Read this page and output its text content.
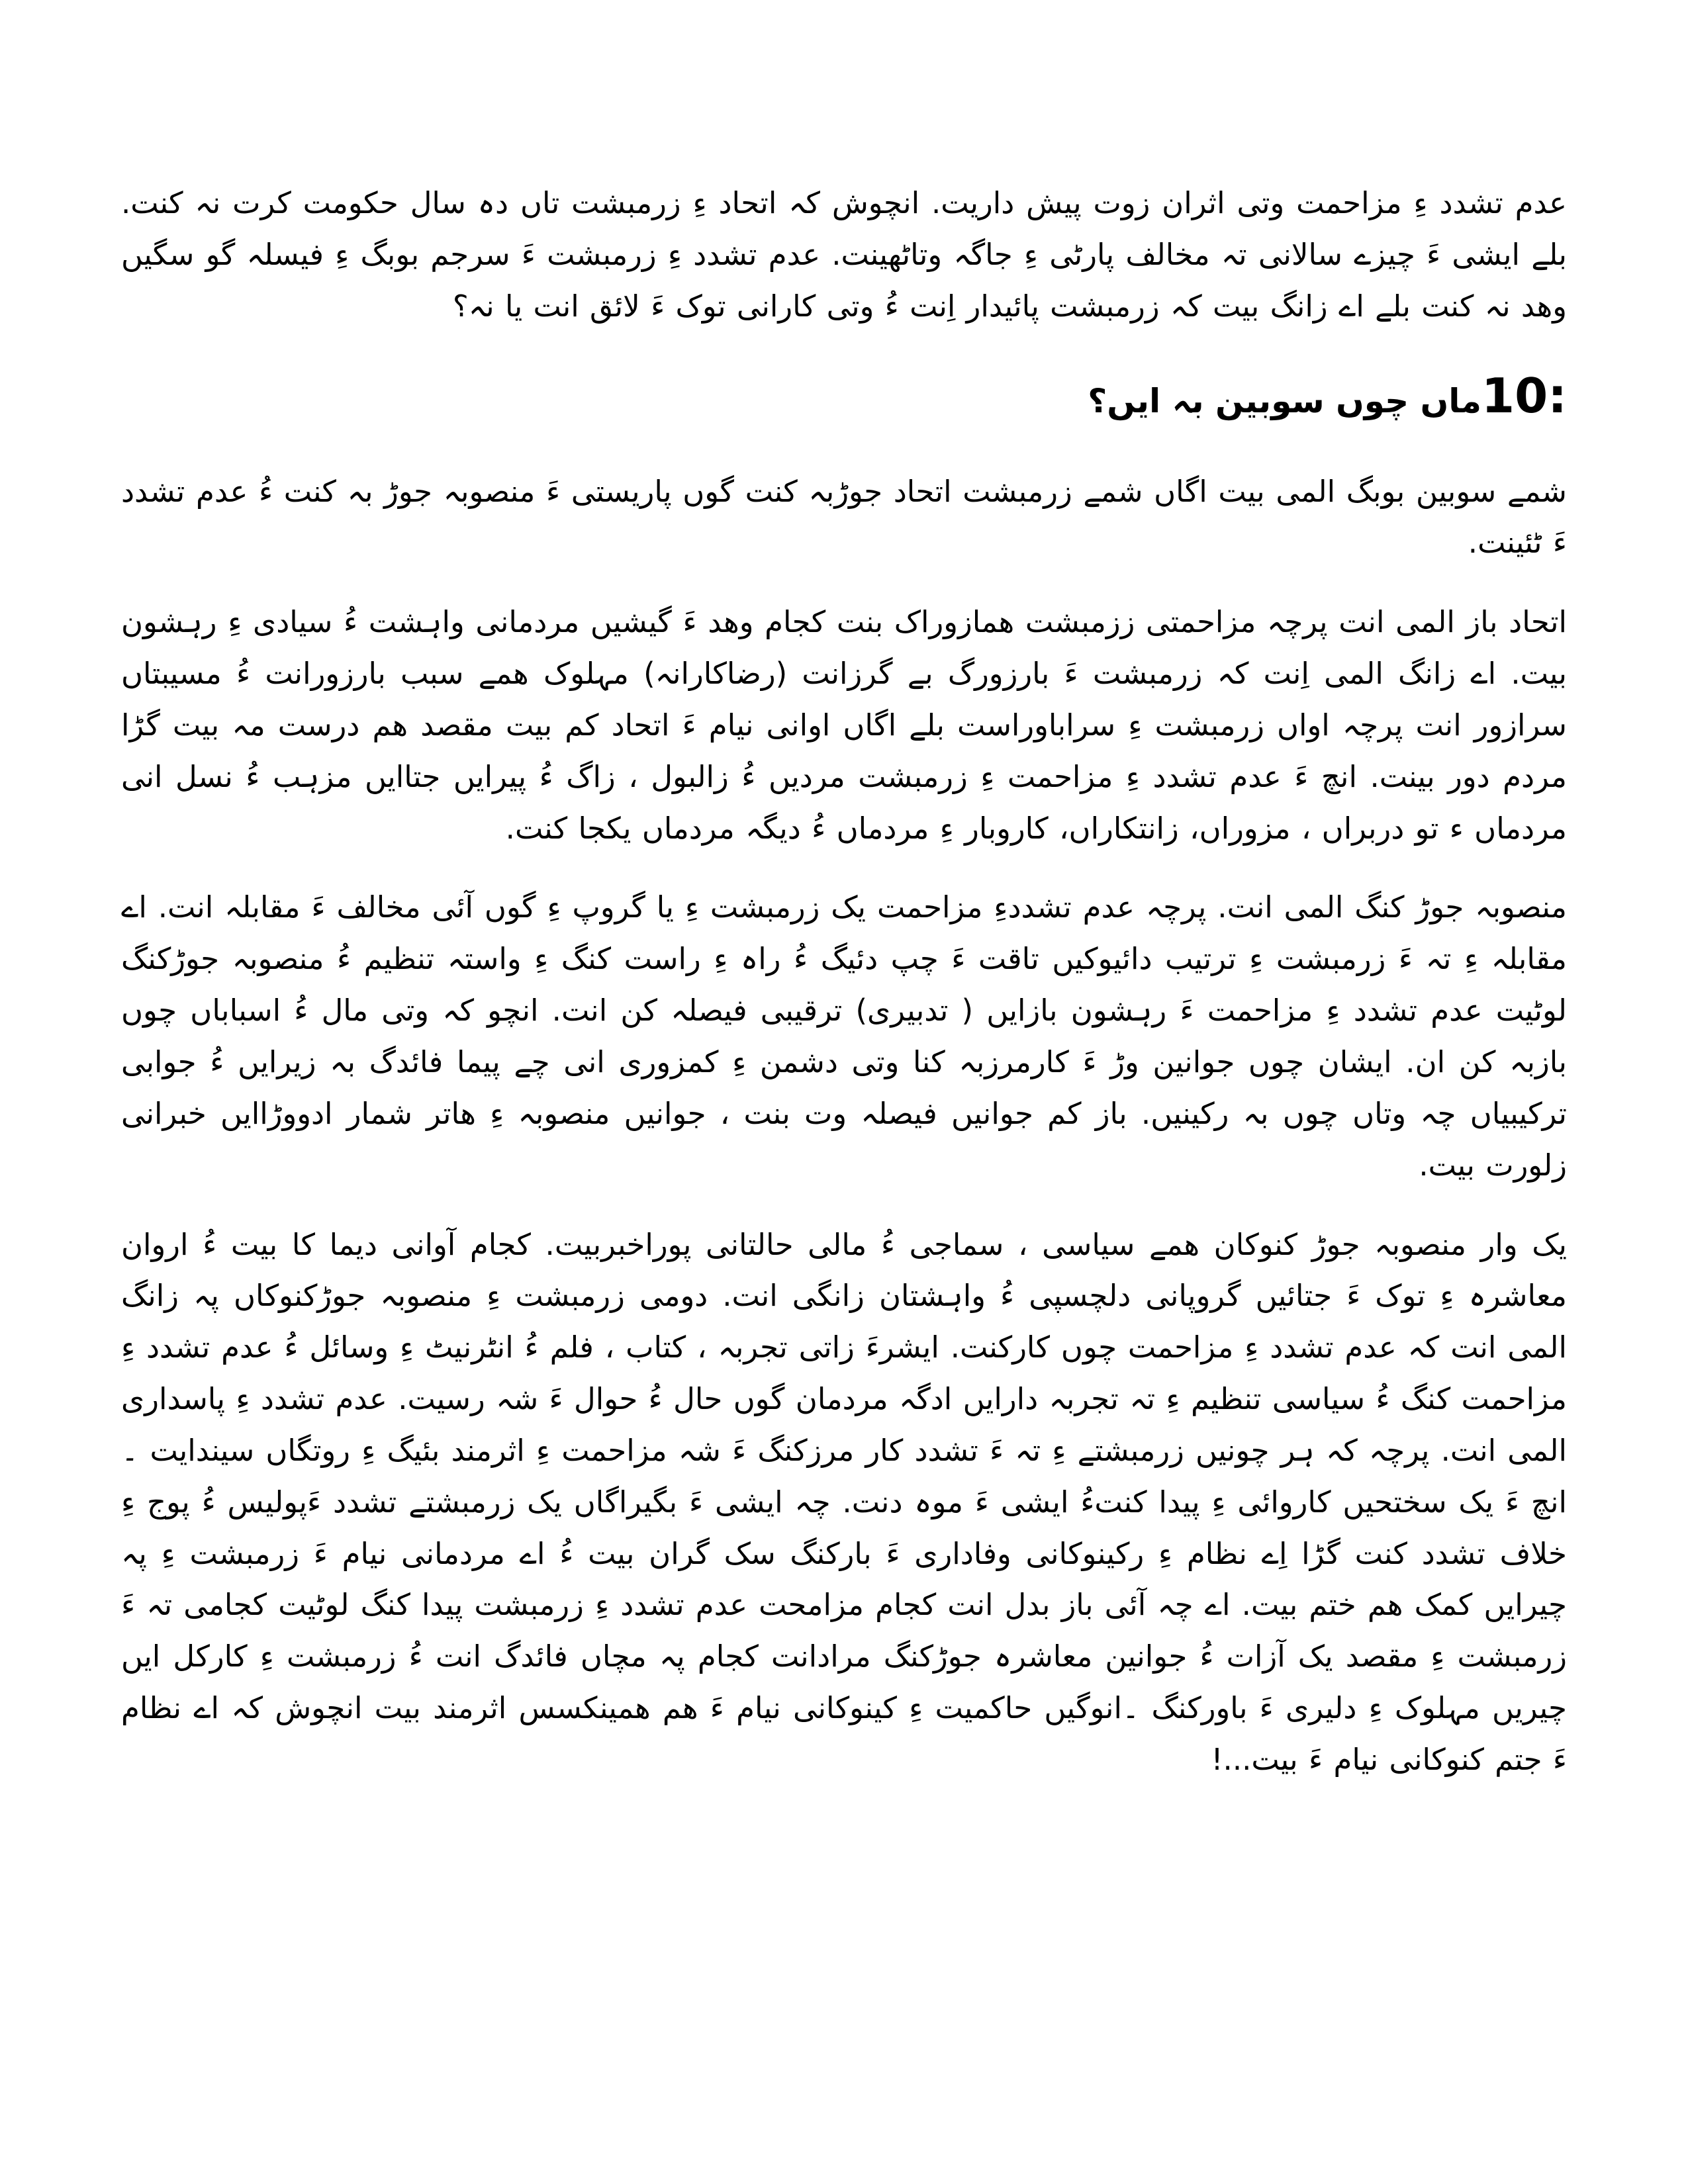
عدم تشدد ءِ مزاحمت وتی اثران زوت پیش داریت. انچوش کہ اتحاد ءِ زرمبشت تاں دہ سال حکومت کرت نہ کنت. بلے ایشی ءَ چیزے سالانی تہ مخالف پارٹی ءِ جاگہ وتاٹھینت. عدم تشدد ءِ زرمبشت ءَ سرجم بوبگ ءِ فیسلہ گو سگیں وھد نہ کنت بلے اے زانگ بیت کہ زرمبشت پائیدار اِنت ءُ وتی کارانی توک ءَ لائق انت یا نہ؟

:10ماں چوں سوبین بہ ایں؟

شمے سوبین بوبگ المی بیت اگاں شمے زرمبشت اتحاد جوڑبہ کنت گوں پاریستی ءَ منصوبہ جوڑ بہ کنت ءُ عدم تشدد ءَ ٹئینت.

اتحاد باز المی انت پرچہ مزاحمتی ززمبشت ھمازوراک بنت کجام وھد ءَ گیشیں مردمانی واہشت ءُ سیادی ءِ رہشون بیت. اے زانگ المی اِنت کہ زرمبشت ءَ بارزورگ بے گرزانت (رضاکارانہ) مہلوک ھمے سبب بارزورانت ءُ مسیبتاں سرازور انت پرچہ اواں زرمبشت ءِ سراباوراست بلے اگاں اوانی نیام ءَ اتحاد کم بیت مقصد ھم درست مہ بیت گڑا مردم دور بینت. انچ ءَ عدم تشدد ءِ مزاحمت ءِ زرمبشت مردیں ءُ زالبول ، زاگ ءُ پیرایں جتاایں مزہب ءُ نسل انی مردماں ء تو دربراں ، مزوراں، زانتکاراں، کاروبار ءِ مردماں ءُ دیگہ مردماں یکجا کنت.

منصوبہ جوڑ کنگ المی انت. پرچہ عدم تشددءِ مزاحمت یک زرمبشت ءِ یا گروپ ءِ گوں آئی مخالف ءَ مقابلہ انت. اے مقابلہ ءِ تہ ءَ زرمبشت ءِ ترتیب دائیوکیں تاقت ءَ چپ دئیگ ءُ راہ ءِ راست کنگ ءِ واستہ تنظیم ءُ منصوبہ جوڑکنگ لوٹیت عدم تشدد ءِ مزاحمت ءَ رہشون بازایں ( تدبیری) ترقیبی فیصلہ کن انت. انچو کہ وتی مال ءُ اسباباں چوں بازبہ کن ان. ایشان چوں جوانین وڑ ءَ کارمرزبہ کنا وتی دشمن ءِ کمزوری انی چے پیما فائدگ بہ زیرایں ءُ جوابی ترکیبیاں چہ وتاں چوں بہ رکینیں. باز کم جوانیں فیصلہ وت بنت ، جوانیں منصوبہ ءِ ھاتر شمار ادووڑاایں خبرانی زلورت بیت.

یک وار منصوبہ جوڑ کنوکان ھمے سیاسی ، سماجی ءُ مالی حالتانی پوراخبربیت. کجام آوانی دیما کا بیت ءُ اروان معاشرہ ءِ توک ءَ جتائیں گروپانی دلچسپی ءُ واہشتان زانگی انت. دومی زرمبشت ءِ منصوبہ جوڑکنوکاں پہ زانگ المی انت کہ عدم تشدد ءِ مزاحمت چوں کارکنت. ایشرءَ زاتی تجربہ ، کتاب ، فلم ءُ انٹرنیٹ ءِ وسائل ءُ عدم تشدد ءِ مزاحمت کنگ ءُ سیاسی تنظیم ءِ تہ تجربہ دارایں ادگہ مردمان گوں حال ءُ حوال ءَ شہ رسیت. عدم تشدد ءِ پاسداری المی انت. پرچہ کہ ہر چونیں زرمبشتے ءِ تہ ءَ تشدد کار مرزکنگ ءَ شہ مزاحمت ءِ اثرمند بئیگ ءِ روتگاں سیندایت ۔ انچ ءَ یک سختحیں کاروائی ءِ پیدا کنتءُ ایشی ءَ موہ دنت. چہ ایشی ءَ بگیراگاں یک زرمبشتے تشدد ءَپولیس ءُ پوج ءِ خلاف تشدد کنت گڑا اِے نظام ءِ رکینوکانی وفاداری ءَ بارکنگ سک گران بیت ءُ اے مردمانی نیام ءَ زرمبشت ءِ پہ چیرایں کمک ھم ختم بیت. اے چہ آئی باز بدل انت کجام مزامحت عدم تشدد ءِ زرمبشت پیدا کنگ لوٹیت کجامی تہ ءَ زرمبشت ءِ مقصد یک آزات ءُ جوانین معاشرہ جوڑکنگ مرادانت کجام پہ مچاں فائدگ انت ءُ زرمبشت ءِ کارکل ایں چیریں مہلوک ءِ دلیری ءَ باورکنگ ۔انوگیں حاکمیت ءِ کینوکانی نیام ءَ ھم ھمینکسس اثرمند بیت انچوش کہ اے نظام ءَ جتم کنوکانی نیام ءَ بیت...!
